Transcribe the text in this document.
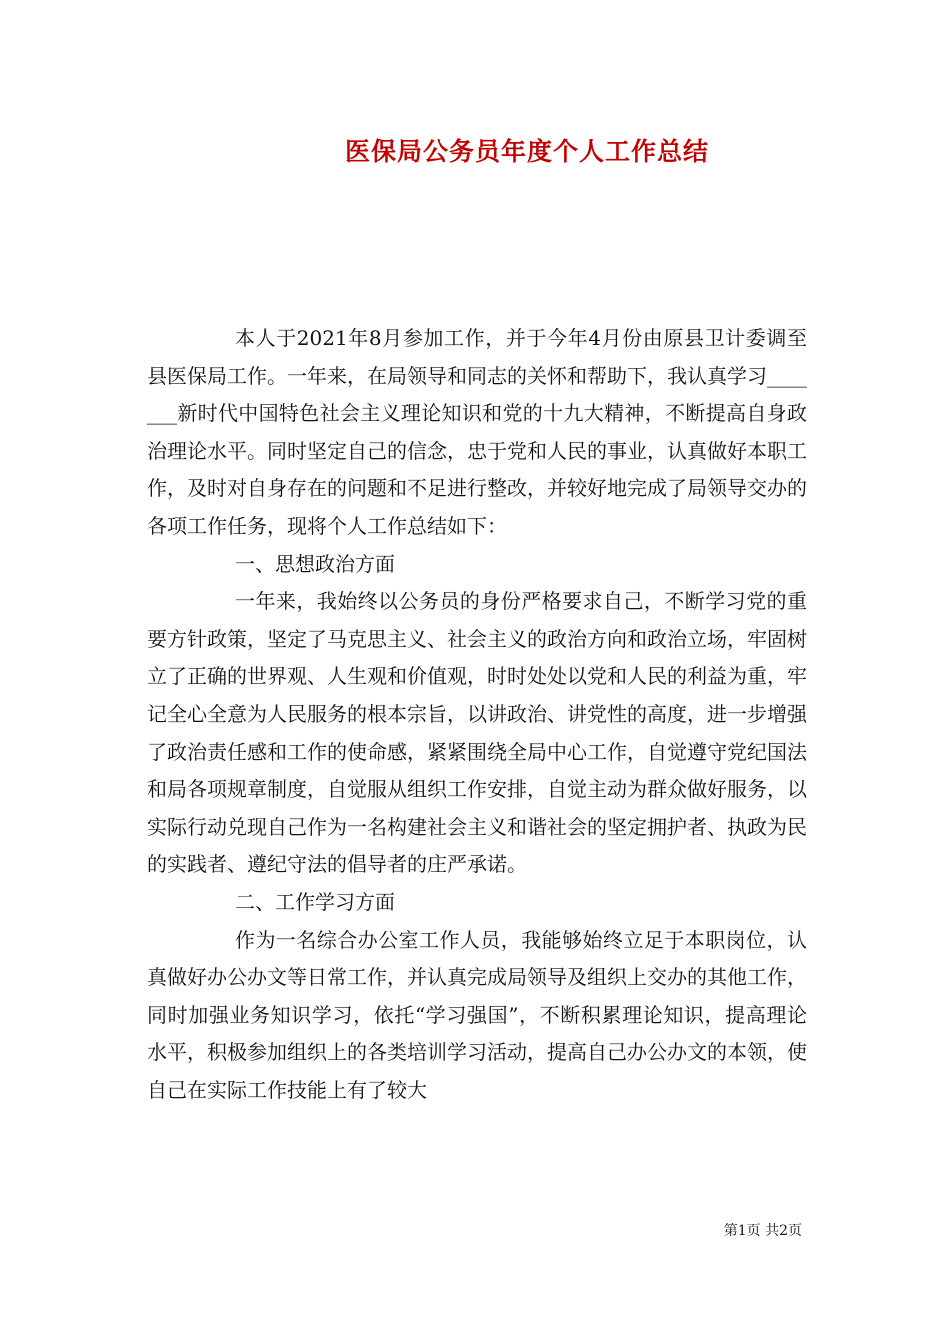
医保局公务员年度个人工作总结

本人于2021年8月参加工作，并于今年4月份由原县卫计委调至县医保局工作。一年来，在局领导和同志的关怀和帮助下，我认真学习_______新时代中国特色社会主义理论知识和党的十九大精神，不断提高自身政治理论水平。同时坚定自己的信念，忠于党和人民的事业，认真做好本职工作，及时对自身存在的问题和不足进行整改，并较好地完成了局领导交办的各项工作任务，现将个人工作总结如下：

一、思想政治方面

一年来，我始终以公务员的身份严格要求自己，不断学习党的重要方针政策，坚定了马克思主义、社会主义的政治方向和政治立场，牢固树立了正确的世界观、人生观和价值观，时时处处以党和人民的利益为重，牢记全心全意为人民服务的根本宗旨，以讲政治、讲党性的高度，进一步增强了政治责任感和工作的使命感，紧紧围绕全局中心工作，自觉遵守党纪国法和局各项规章制度，自觉服从组织工作安排，自觉主动为群众做好服务，以实际行动兑现自己作为一名构建社会主义和谐社会的坚定拥护者、执政为民的实践者、遵纪守法的倡导者的庄严承诺。

二、工作学习方面

作为一名综合办公室工作人员，我能够始终立足于本职岗位，认真做好办公办文等日常工作，并认真完成局领导及组织上交办的其他工作，同时加强业务知识学习，依托“学习强国”，不断积累理论知识，提高理论水平，积极参加组织上的各类培训学习活动，提高自己办公办文的本领，使自己在实际工作技能上有了较大

第1页 共2页
